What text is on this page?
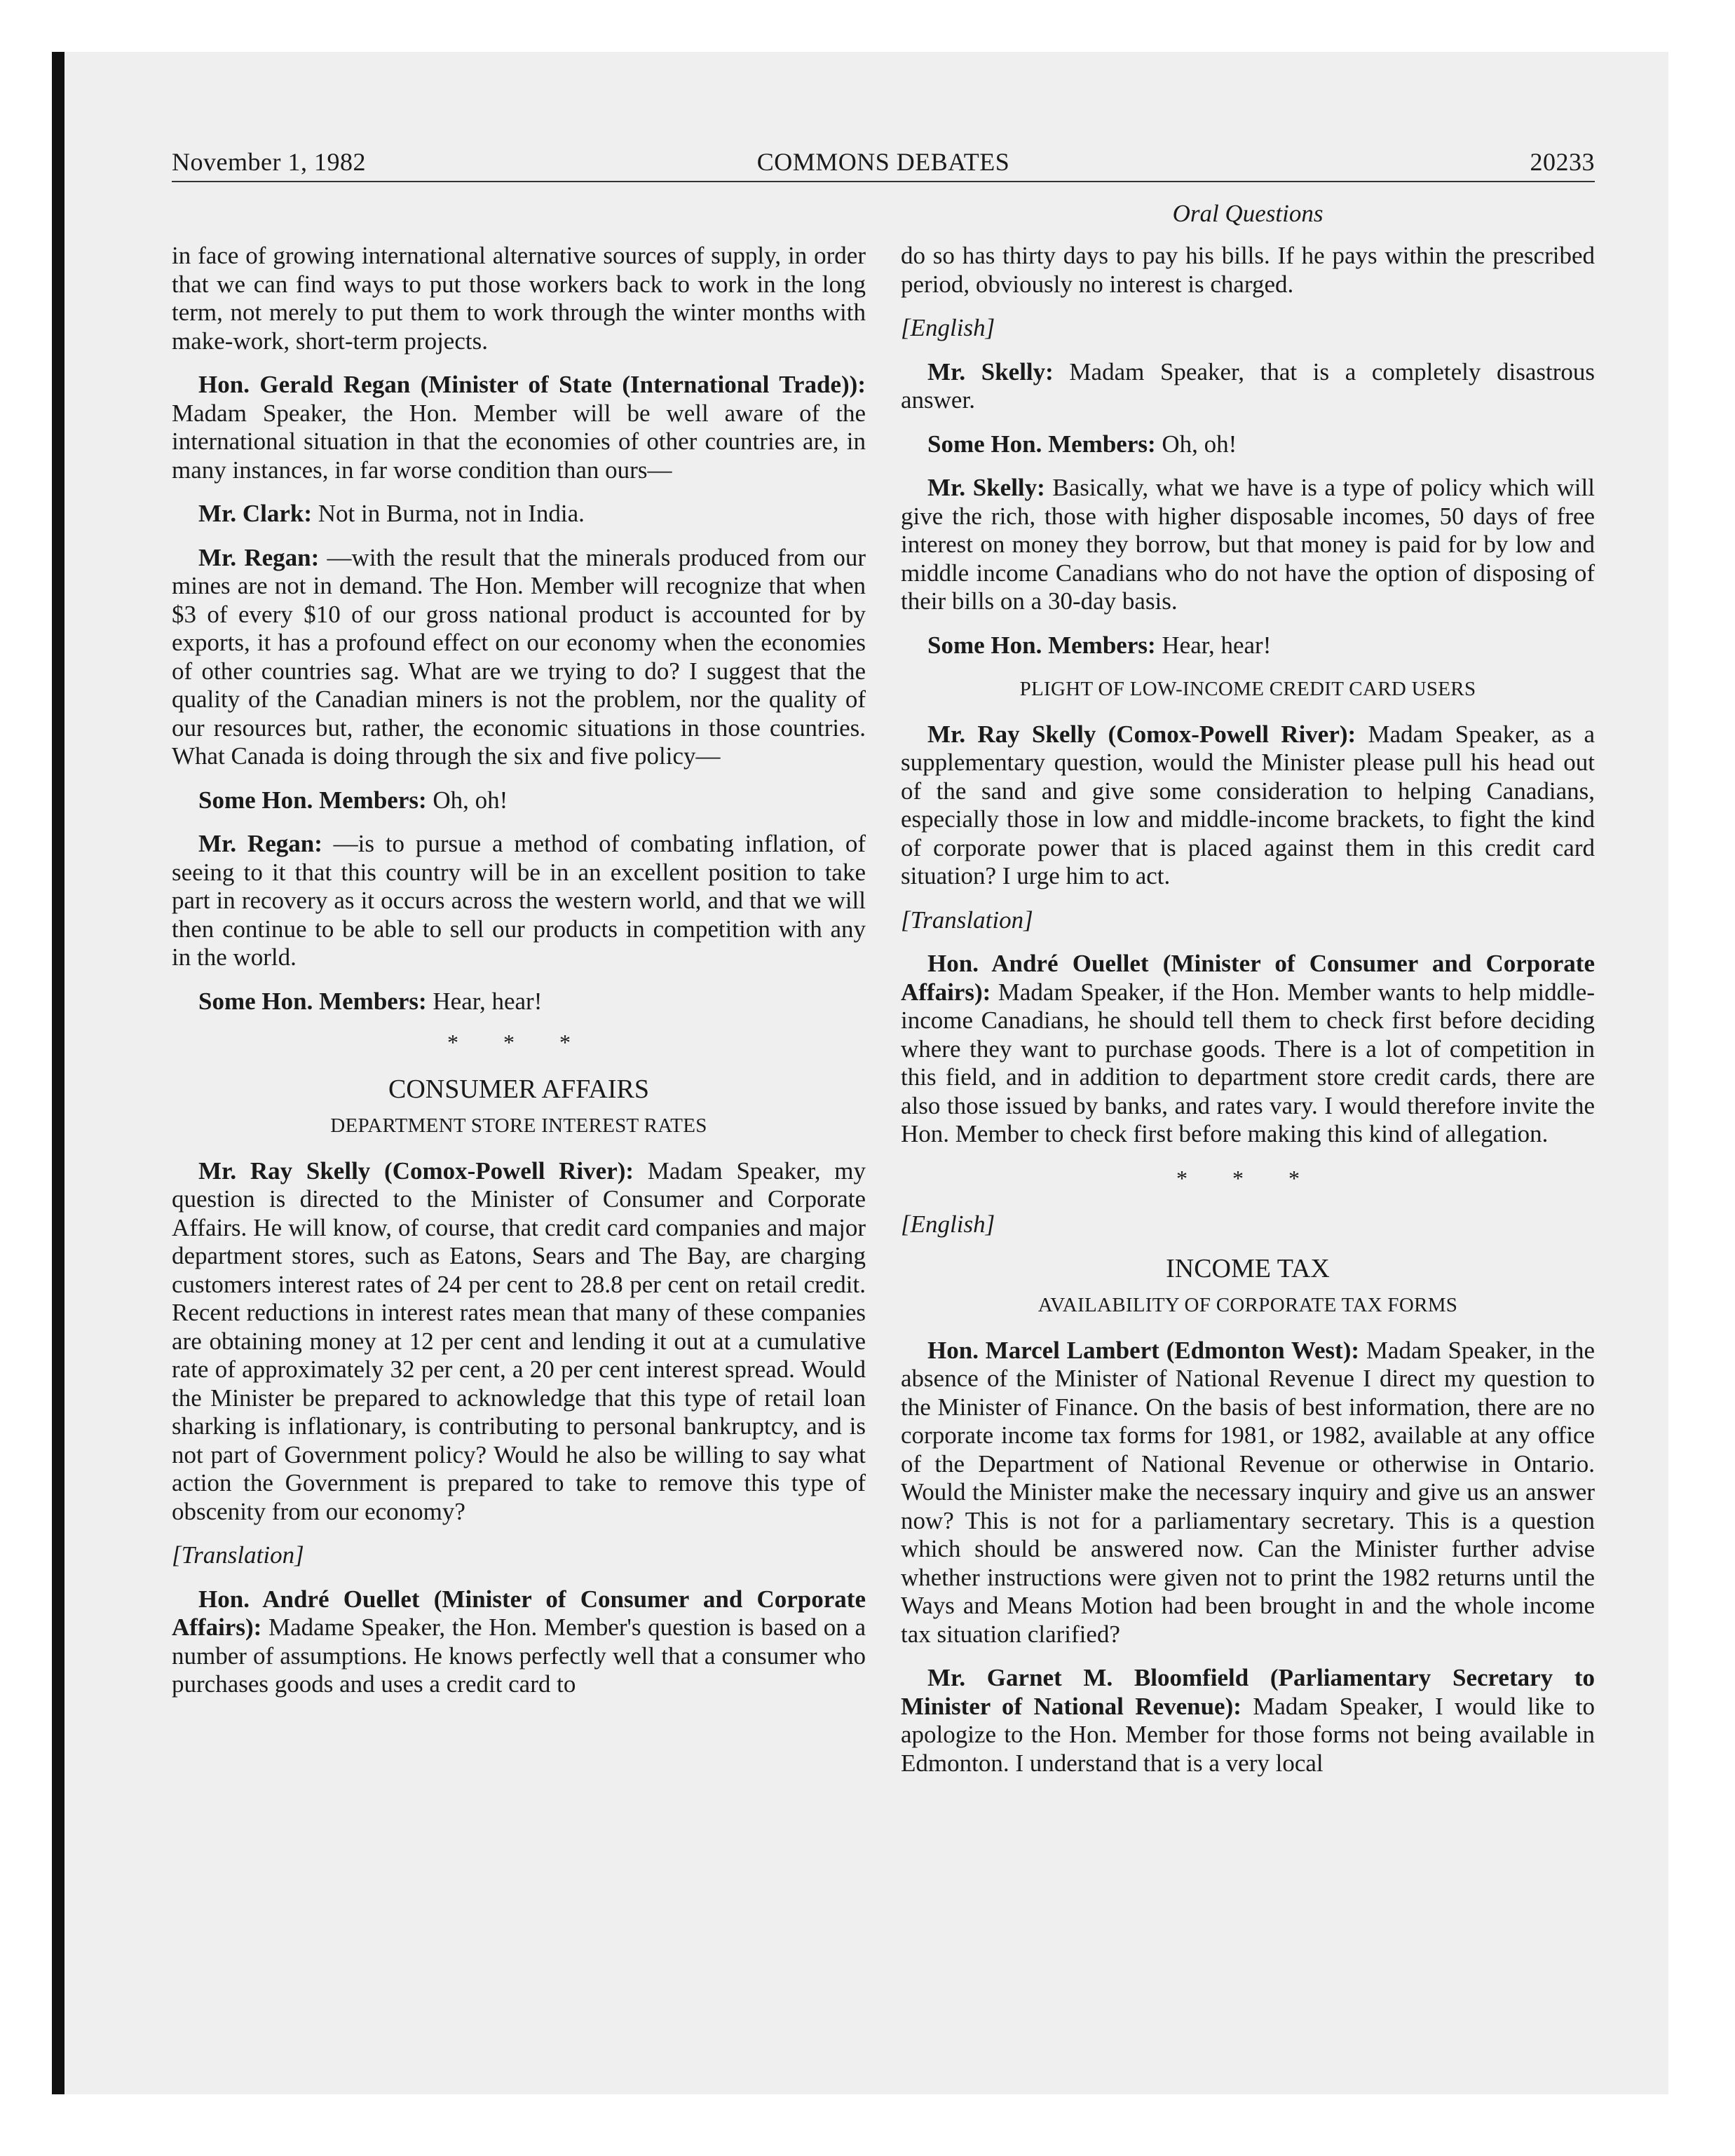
November 1, 1982	COMMONS DEBATES	20233
Oral Questions

in face of growing international alternative sources of supply, in order that we can find ways to put those workers back to work in the long term, not merely to put them to work through the winter months with make-work, short-term projects.

Hon. Gerald Regan (Minister of State (International Trade)): Madam Speaker, the Hon. Member will be well aware of the international situation in that the economies of other countries are, in many instances, in far worse condition than ours—

Mr. Clark: Not in Burma, not in India.

Mr. Regan: —with the result that the minerals produced from our mines are not in demand. The Hon. Member will recognize that when $3 of every $10 of our gross national product is accounted for by exports, it has a profound effect on our economy when the economies of other countries sag. What are we trying to do? I suggest that the quality of the Canadian miners is not the problem, nor the quality of our resources but, rather, the economic situations in those countries. What Canada is doing through the six and five policy—

Some Hon. Members: Oh, oh!

Mr. Regan: —is to pursue a method of combating inflation, of seeing to it that this country will be in an excellent position to take part in recovery as it occurs across the western world, and that we will then continue to be able to sell our products in competition with any in the world.

Some Hon. Members: Hear, hear!

* * *
CONSUMER AFFAIRS
DEPARTMENT STORE INTEREST RATES

Mr. Ray Skelly (Comox-Powell River): Madam Speaker, my question is directed to the Minister of Consumer and Corporate Affairs. He will know, of course, that credit card companies and major department stores, such as Eatons, Sears and The Bay, are charging customers interest rates of 24 per cent to 28.8 per cent on retail credit. Recent reductions in interest rates mean that many of these companies are obtaining money at 12 per cent and lending it out at a cumulative rate of approximately 32 per cent, a 20 per cent interest spread. Would the Minister be prepared to acknowledge that this type of retail loan sharking is inflationary, is contributing to personal bankruptcy, and is not part of Government policy? Would he also be willing to say what action the Government is prepared to take to remove this type of obscenity from our economy?

[Translation]

Hon. André Ouellet (Minister of Consumer and Corporate Affairs): Madame Speaker, the Hon. Member's question is based on a number of assumptions. He knows perfectly well that a consumer who purchases goods and uses a credit card to

do so has thirty days to pay his bills. If he pays within the prescribed period, obviously no interest is charged.

[English]

Mr. Skelly: Madam Speaker, that is a completely disastrous answer.

Some Hon. Members: Oh, oh!

Mr. Skelly: Basically, what we have is a type of policy which will give the rich, those with higher disposable incomes, 50 days of free interest on money they borrow, but that money is paid for by low and middle income Canadians who do not have the option of disposing of their bills on a 30-day basis.

Some Hon. Members: Hear, hear!

PLIGHT OF LOW-INCOME CREDIT CARD USERS

Mr. Ray Skelly (Comox-Powell River): Madam Speaker, as a supplementary question, would the Minister please pull his head out of the sand and give some consideration to helping Canadians, especially those in low and middle-income brackets, to fight the kind of corporate power that is placed against them in this credit card situation? I urge him to act.

[Translation]

Hon. André Ouellet (Minister of Consumer and Corporate Affairs): Madam Speaker, if the Hon. Member wants to help middle-income Canadians, he should tell them to check first before deciding where they want to purchase goods. There is a lot of competition in this field, and in addition to department store credit cards, there are also those issued by banks, and rates vary. I would therefore invite the Hon. Member to check first before making this kind of allegation.

* * *
[English]
INCOME TAX
AVAILABILITY OF CORPORATE TAX FORMS

Hon. Marcel Lambert (Edmonton West): Madam Speaker, in the absence of the Minister of National Revenue I direct my question to the Minister of Finance. On the basis of best information, there are no corporate income tax forms for 1981, or 1982, available at any office of the Department of National Revenue or otherwise in Ontario. Would the Minister make the necessary inquiry and give us an answer now? This is not for a parliamentary secretary. This is a question which should be answered now. Can the Minister further advise whether instructions were given not to print the 1982 returns until the Ways and Means Motion had been brought in and the whole income tax situation clarified?

Mr. Garnet M. Bloomfield (Parliamentary Secretary to Minister of National Revenue): Madam Speaker, I would like to apologize to the Hon. Member for those forms not being available in Edmonton. I understand that is a very local
